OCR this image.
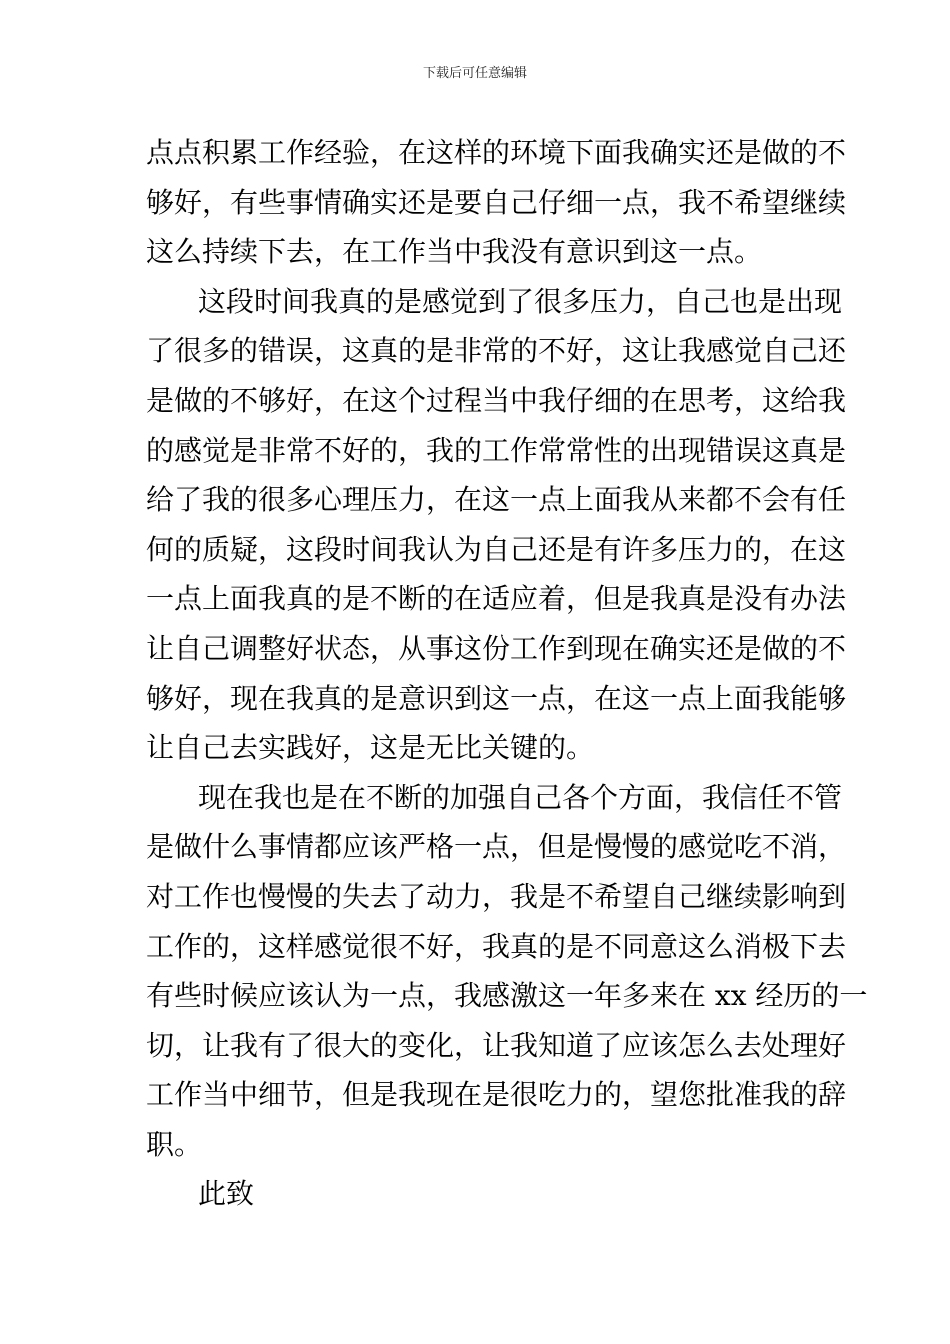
下载后可任意编辑
点点积累工作经验，在这样的环境下面我确实还是做的不
够好，有些事情确实还是要自己仔细一点，我不希望继续
这么持续下去，在工作当中我没有意识到这一点。
这段时间我真的是感觉到了很多压力，自己也是出现
了很多的错误，这真的是非常的不好，这让我感觉自己还
是做的不够好，在这个过程当中我仔细的在思考，这给我
的感觉是非常不好的，我的工作常常性的出现错误这真是
给了我的很多心理压力，在这一点上面我从来都不会有任
何的质疑，这段时间我认为自己还是有许多压力的，在这
一点上面我真的是不断的在适应着，但是我真是没有办法
让自己调整好状态，从事这份工作到现在确实还是做的不
够好，现在我真的是意识到这一点，在这一点上面我能够
让自己去实践好，这是无比关键的。
现在我也是在不断的加强自己各个方面，我信任不管
是做什么事情都应该严格一点，但是慢慢的感觉吃不消，
对工作也慢慢的失去了动力，我是不希望自己继续影响到
工作的，这样感觉很不好，我真的是不同意这么消极下去
有些时候应该认为一点，我感激这一年多来在 xx 经历的一
切，让我有了很大的变化，让我知道了应该怎么去处理好
工作当中细节，但是我现在是很吃力的，望您批准我的辞
职。
此致
